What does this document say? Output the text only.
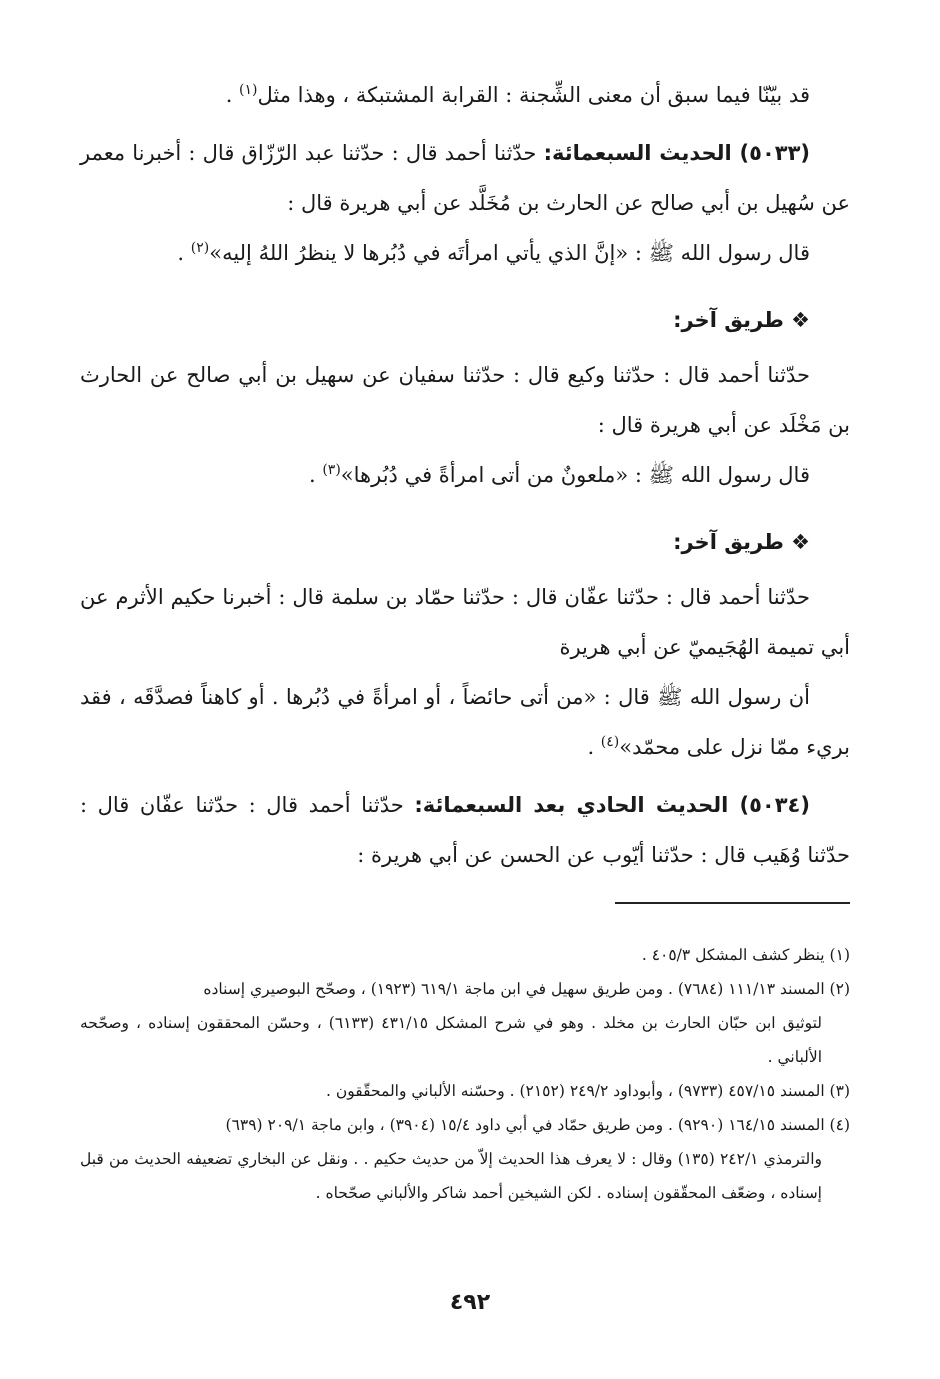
قد بيّنّا فيما سبق أن معنى الشِّجنة : القرابة المشتبكة ، وهذا مثل$^{(١)}$ .

(٥٠٣٣) الحديث السبعمائة: حدّثنا أحمد قال : حدّثنا عبد الرّزّاق قال : أخبرنا معمر عن سُهيل بن أبي صالح عن الحارث بن مُخَلَّد عن أبي هريرة قال :

قال رسول الله ﷺ : «إنَّ الذي يأتي امرأتَه في دُبُرها لا ينظرُ اللهُ إليه»$^{(٢)}$ .

❖ طريق آخر:

حدّثنا أحمد قال : حدّثنا وكيع قال : حدّثنا سفيان عن سهيل بن أبي صالح عن الحارث بن مَخْلَد عن أبي هريرة قال :

قال رسول الله ﷺ : «ملعونٌ من أتى امرأةً في دُبُرها»$^{(٣)}$ .

❖ طريق آخر:

حدّثنا أحمد قال : حدّثنا عفّان قال : حدّثنا حمّاد بن سلمة قال : أخبرنا حكيم الأثرم عن أبي تميمة الهُجَيميّ عن أبي هريرة

أن رسول الله ﷺ قال : «من أتى حائضاً ، أو امرأةً في دُبُرها . أو كاهناً فصدَّقَه ، فقد بريء ممّا نزل على محمّد»$^{(٤)}$ .

(٥٠٣٤) الحديث الحادي بعد السبعمائة: حدّثنا أحمد قال : حدّثنا عفّان قال : حدّثنا وُهَيب قال : حدّثنا أيّوب عن الحسن عن أبي هريرة :

(١) ينظر كشف المشكل ٤٠٥/٣ .

(٢) المسند ١١١/١٣ (٧٦٨٤) . ومن طريق سهيل في ابن ماجة ٦١٩/١ (١٩٢٣) ، وصحّح البوصيري إسناده

لتوثيق ابن حبّان الحارث بن مخلد . وهو في شرح المشكل ٤٣١/١٥ (٦١٣٣) ، وحسّن المحققون إسناده ، وصحّحه الألباني .

(٣) المسند ٤٥٧/١٥ (٩٧٣٣) ، وأبوداود ٢٤٩/٢ (٢١٥٢) . وحسّنه الألباني والمحقّقون .

(٤) المسند ١٦٤/١٥ (٩٢٩٠) . ومن طريق حمّاد في أبي داود ١٥/٤ (٣٩٠٤) ، وابن ماجة ٢٠٩/١ (٦٣٩)

والترمذي ٢٤٢/١ (١٣٥) وقال : لا يعرف هذا الحديث إلاّ من حديث حكيم . . ونقل عن البخاري تضعيفه الحديث من قبل إسناده ، وضعّف المحقّقون إسناده . لكن الشيخين أحمد شاكر والألباني صحّحاه .

٤٩٢
